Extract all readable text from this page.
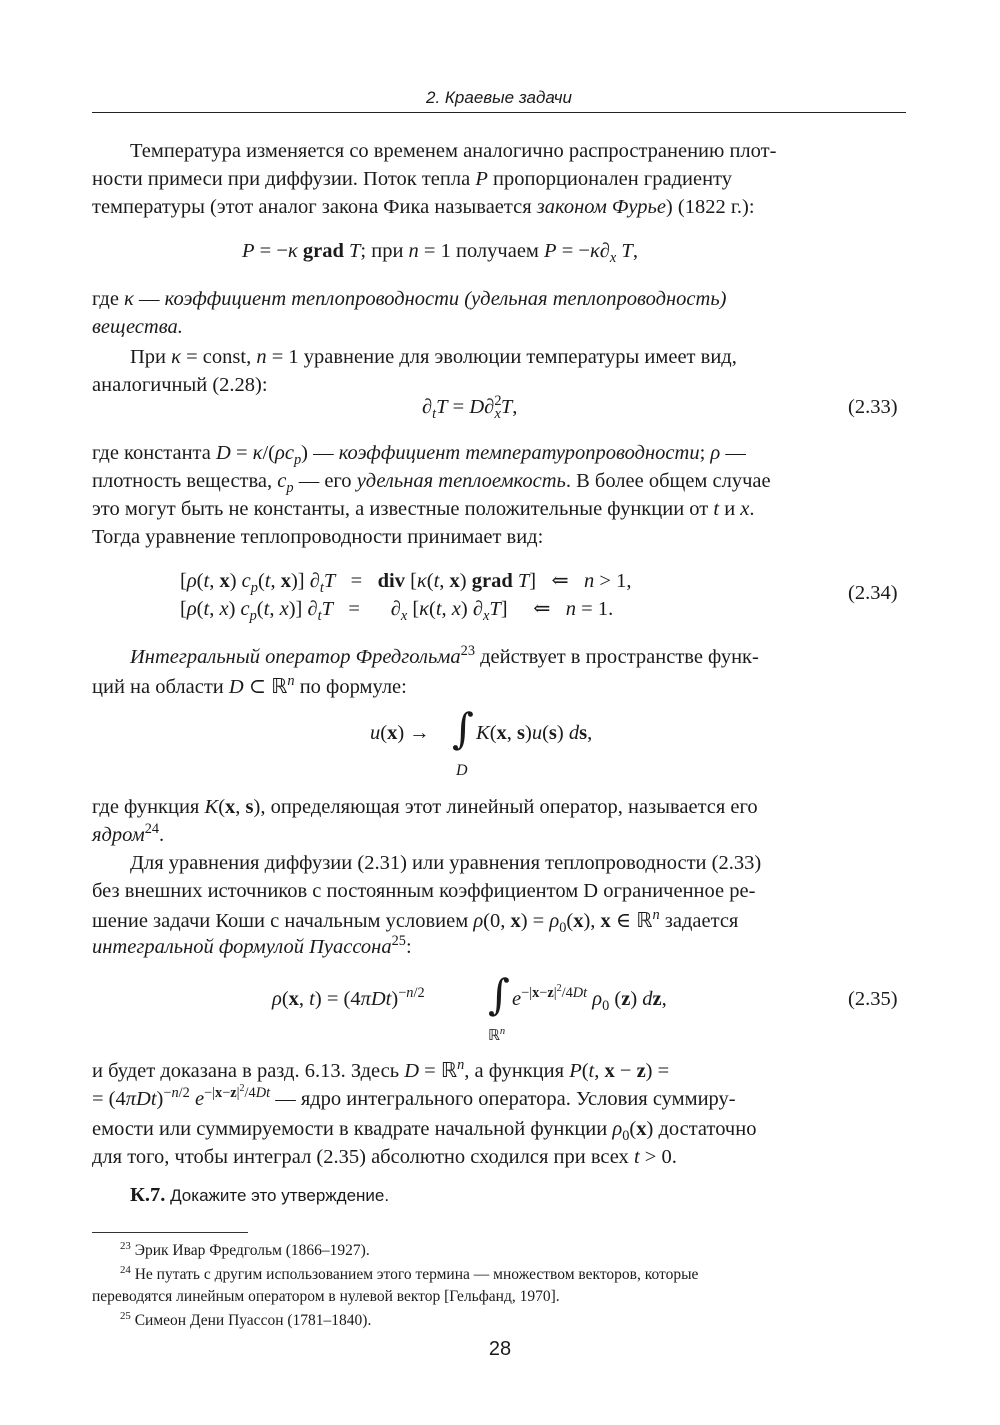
2. Краевые задачи
Температура изменяется со временем аналогично распространению плот-
ности примеси при диффузии. Поток тепла P пропорционален градиенту
температуры (этот аналог закона Фика называется законом Фурье) (1822 г.):
P = −κ grad T; при n = 1 получаем $P = -\kappa\partial_x$ T,
где κ — коэффициент теплопроводности (удельная теплопроводность)
вещества.
При κ = const, n = 1 уравнение для эволюции температуры имеет вид,
аналогичный (2.28):
$\partial_tT = D\partial^2_xT$,	(2.33)
где константа $D = \kappa/(\rho c_p)$ — коэффициент температуропроводности; ρ —
плотность вещества, $c_p$ — его удельная теплоемкость. В более общем случае
это могут быть не константы, а известные положительные функции от t и x.
Тогда уравнение теплопроводности принимает вид:
[ρ(t, x) $c_p(t$, x)] $\partial_tT$   =   div [κ(t, x) grad T]   ⇐   n > 1,
[ρ(t, x) $c_p(t$, x)] $\partial_tT$   =      $\partial_x$ [κ(t, x) $\partial_xT$]     ⇐   n = 1.
(2.34)
Интегральный оператор Фредгольма$^{23}$ действует в пространстве функ-
ций на области D ⊂ ℝ$^n$ по формуле:
u(x) → ∫ K(x, s)u(s) ds,
D
где функция K(x, s), определяющая этот линейный оператор, называется его
ядром$^{24}$.
Для уравнения диффузии (2.31) или уравнения теплопроводности (2.33)
без внешних источников с постоянным коэффициентом D ограниченное ре-
шение задачи Коши с начальным условием ρ(0, $x) = \rho_0(x)$, x ∈ ℝ$^n$ задается
интегральной формулой Пуассона$^{25}$:
ρ(x, $t) = (4\pi Dt)^{-n/2}$ ∫ $e^{-|x-z|^2/4Dt}$ $\rho_0$ (z) dz,
ℝ$^n$
(2.35)
и будет доказана в разд. 6.13. Здесь D = ℝ$^n$, а функция P(t, x − z) =
= $(4\pi Dt)^{-n/2}$ $e^{-|x-z|^2/4Dt}$ — ядро интегрального оператора. Условия суммиру-
емости или суммируемости в квадрате начальной функции $\rho_0(x)$ достаточно
для того, чтобы интеграл (2.35) абсолютно сходился при всех t > 0.
К.7. Докажите это утверждение.
$^{23}$ Эрик Ивар Фредгольм (1866–1927).
$^{24}$ Не путать с другим использованием этого термина — множеством векторов, которые
переводятся линейным оператором в нулевой вектор [Гельфанд, 1970].
$^{25}$ Симеон Дени Пуассон (1781–1840).
28
